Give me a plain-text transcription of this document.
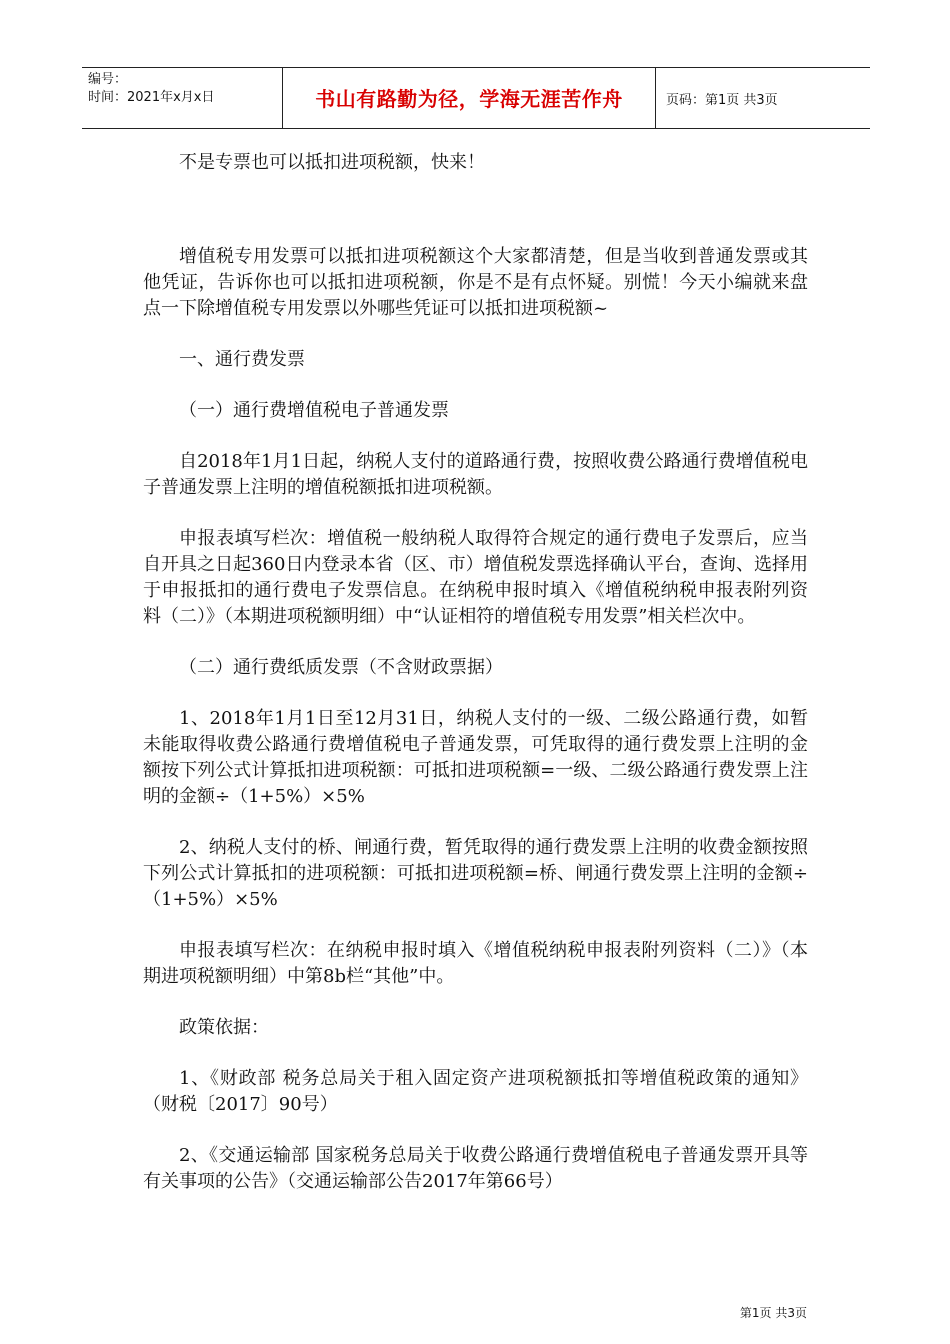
编号：
时间：2021年x月x日	书山有路勤为径，学海无涯苦作舟	页码：第1页 共3页

不是专票也可以抵扣进项税额，快来！

增值税专用发票可以抵扣进项税额这个大家都清楚，但是当收到普通发票或其他凭证，告诉你也可以抵扣进项税额，你是不是有点怀疑。别慌！今天小编就来盘点一下除增值税专用发票以外哪些凭证可以抵扣进项税额~

一、通行费发票

（一）通行费增值税电子普通发票

自2018年1月1日起，纳税人支付的道路通行费，按照收费公路通行费增值税电子普通发票上注明的增值税额抵扣进项税额。

申报表填写栏次：增值税一般纳税人取得符合规定的通行费电子发票后，应当自开具之日起360日内登录本省（区、市）增值税发票选择确认平台，查询、选择用于申报抵扣的通行费电子发票信息。在纳税申报时填入《增值税纳税申报表附列资料（二）》（本期进项税额明细）中“认证相符的增值税专用发票”相关栏次中。

（二）通行费纸质发票（不含财政票据）

1、2018年1月1日至12月31日，纳税人支付的一级、二级公路通行费，如暂未能取得收费公路通行费增值税电子普通发票，可凭取得的通行费发票上注明的金额按下列公式计算抵扣进项税额：可抵扣进项税额=一级、二级公路通行费发票上注明的金额÷（1+5%）×5%

2、纳税人支付的桥、闸通行费，暂凭取得的通行费发票上注明的收费金额按照下列公式计算抵扣的进项税额：可抵扣进项税额=桥、闸通行费发票上注明的金额÷（1+5%）×5%

申报表填写栏次：在纳税申报时填入《增值税纳税申报表附列资料（二）》（本期进项税额明细）中第8b栏“其他”中。

政策依据：

1、《财政部 税务总局关于租入固定资产进项税额抵扣等增值税政策的通知》（财税〔2017〕90号）

2、《交通运输部 国家税务总局关于收费公路通行费增值税电子普通发票开具等有关事项的公告》（交通运输部公告2017年第66号）

第1页 共3页
